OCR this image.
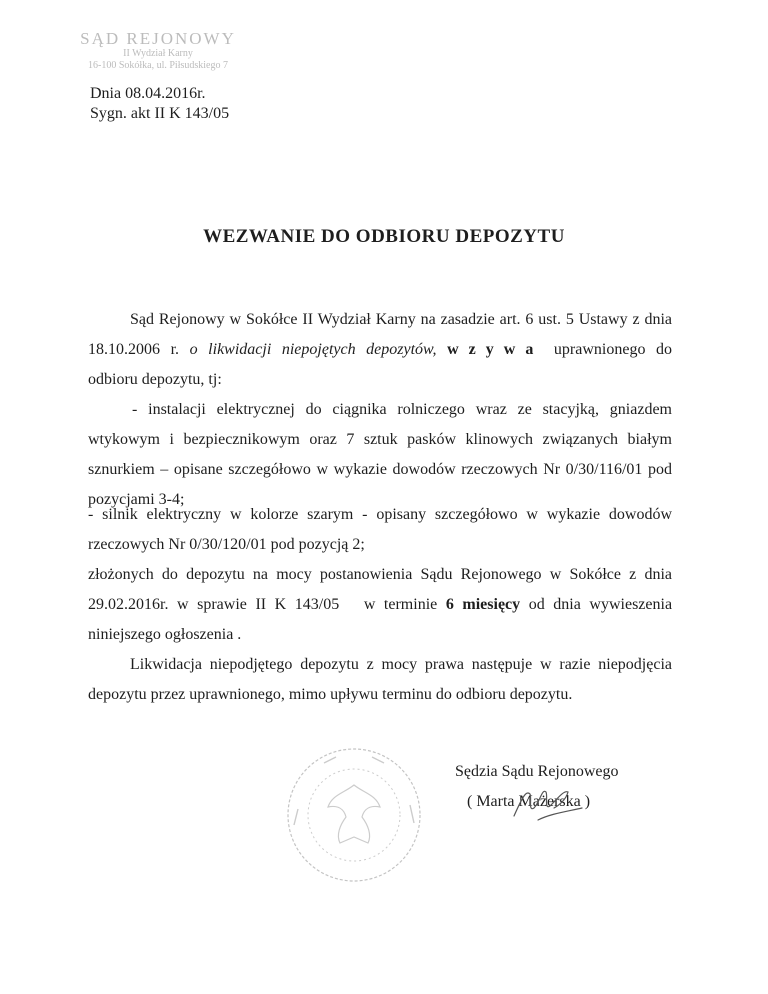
SĄD REJONOWY
II Wydział Karny
16-100 Sokółka, ul. Piłsudskiego 7
Dnia 08.04.2016r.
Sygn. akt II K 143/05
WEZWANIE DO ODBIORU DEPOZYTU
Sąd Rejonowy w Sokółce II Wydział Karny na zasadzie art. 6 ust. 5 Ustawy z dnia 18.10.2006 r. o likwidacji niepojętych depozytów, wzywa uprawnionego do odbioru depozytu, tj:
- instalacji elektrycznej do ciągnika rolniczego wraz ze stacyjką, gniazdem wtykowym i bezpiecznikowym oraz 7 sztuk pasków klinowych związanych białym sznurkiem – opisane szczegółowo w wykazie dowodów rzeczowych Nr 0/30/116/01 pod pozycjami 3-4;
- silnik elektryczny w kolorze szarym - opisany szczegółowo w wykazie dowodów rzeczowych Nr 0/30/120/01 pod pozycją 2;
złożonych do depozytu na mocy postanowienia Sądu Rejonowego w Sokółce z dnia 29.02.2016r. w sprawie II K 143/05 w terminie 6 miesięcy od dnia wywieszenia niniejszego ogłoszenia .
Likwidacja niepodjętego depozytu z mocy prawa następuje w razie niepodjęcia depozytu przez uprawnionego, mimo upływu terminu do odbioru depozytu.
Sędzia Sądu Rejonowego
( Marta Mażerska )
